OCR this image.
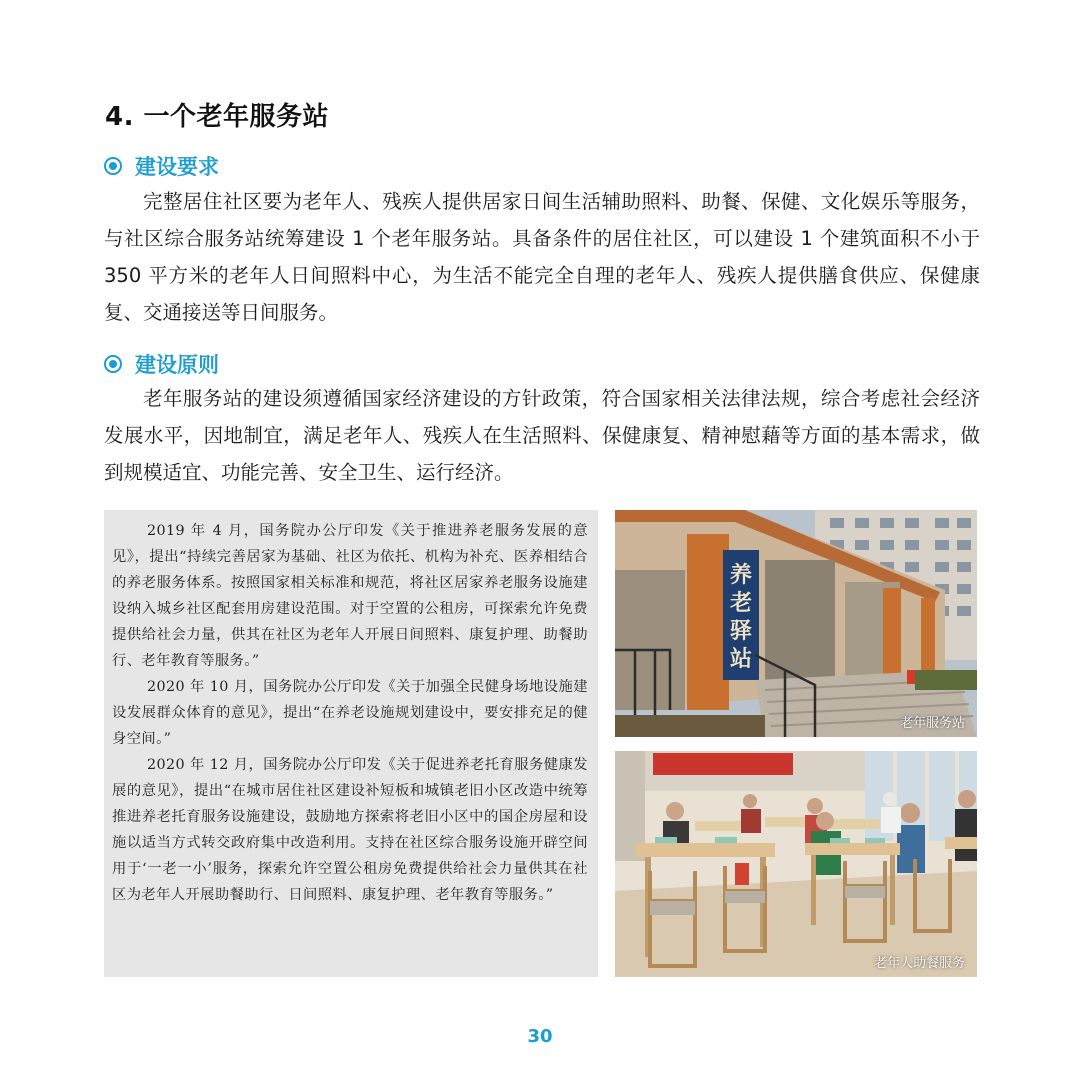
4. 一个老年服务站
建设要求

完整居住社区要为老年人、残疾人提供居家日间生活辅助照料、助餐、保健、文化娱乐等服务，与社区综合服务站统筹建设 1 个老年服务站。具备条件的居住社区，可以建设 1 个建筑面积不小于 350 平方米的老年人日间照料中心，为生活不能完全自理的老年人、残疾人提供膳食供应、保健康复、交通接送等日间服务。

建设原则

老年服务站的建设须遵循国家经济建设的方针政策，符合国家相关法律法规，综合考虑社会经济发展水平，因地制宜，满足老年人、残疾人在生活照料、保健康复、精神慰藉等方面的基本需求，做到规模适宜、功能完善、安全卫生、运行经济。

2019 年 4 月，国务院办公厅印发《关于推进养老服务发展的意见》，提出“持续完善居家为基础、社区为依托、机构为补充、医养相结合的养老服务体系。按照国家相关标准和规范，将社区居家养老服务设施建设纳入城乡社区配套用房建设范围。对于空置的公租房，可探索允许免费提供给社会力量，供其在社区为老年人开展日间照料、康复护理、助餐助行、老年教育等服务。”

2020 年 10 月，国务院办公厅印发《关于加强全民健身场地设施建设发展群众体育的意见》，提出“在养老设施规划建设中，要安排充足的健身空间。”

2020 年 12 月，国务院办公厅印发《关于促进养老托育服务健康发展的意见》，提出“在城市居住社区建设补短板和城镇老旧小区改造中统筹推进养老托育服务设施建设，鼓励地方探索将老旧小区中的国企房屋和设施以适当方式转交政府集中改造利用。支持在社区综合服务设施开辟空间用于‘一老一小’服务，探索允许空置公租房免费提供给社会力量供其在社区为老年人开展助餐助行、日间照料、康复护理、老年教育等服务。”

养
老
驿
站
老年服务站
老年人助餐服务
30
